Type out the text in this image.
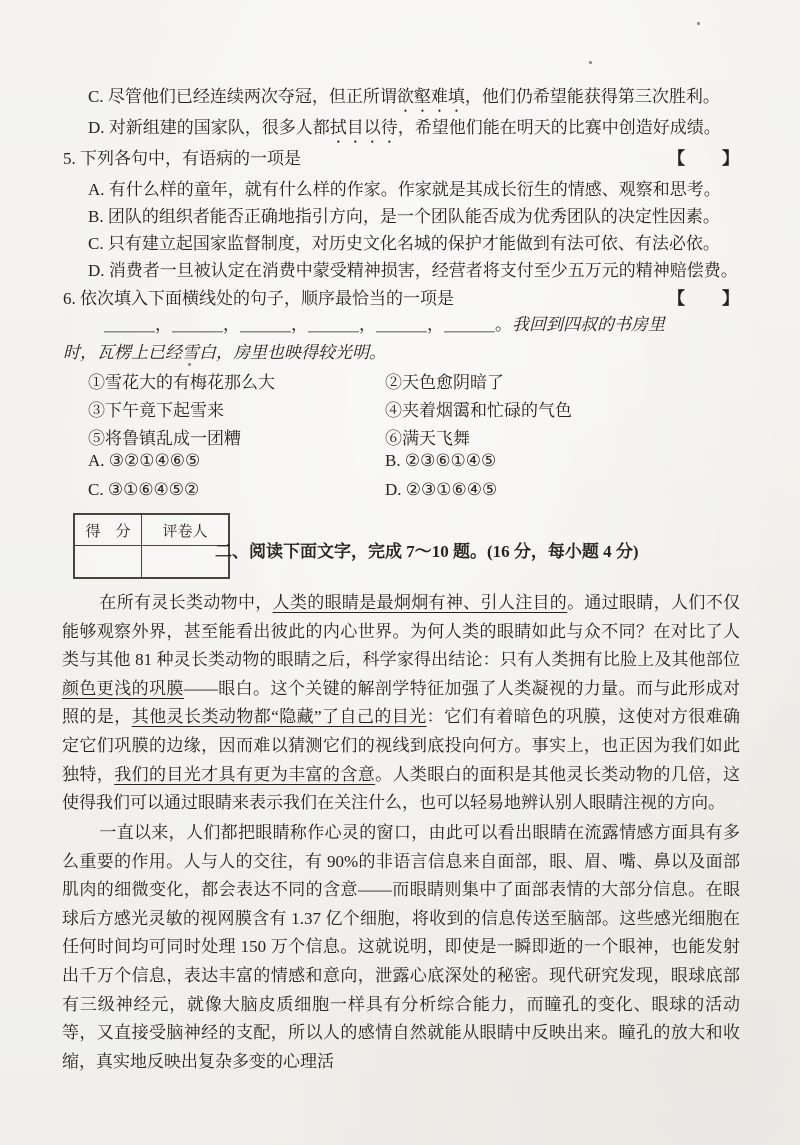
C. 尽管他们已经连续两次夺冠，但正所谓欲壑难填，他们仍希望能获得第三次胜利。
D. 对新组建的国家队，很多人都拭目以待，希望他们能在明天的比赛中创造好成绩。
5. 下列各句中，有语病的一项是	【　　】
A. 有什么样的童年，就有什么样的作家。作家就是其成长衍生的情感、观察和思考。
B. 团队的组织者能否正确地指引方向，是一个团队能否成为优秀团队的决定性因素。
C. 只有建立起国家监督制度，对历史文化名城的保护才能做到有法可依、有法必依。
D. 消费者一旦被认定在消费中蒙受精神损害，经营者将支付至少五万元的精神赔偿费。
6. 依次填入下面横线处的句子，顺序最恰当的一项是	【　　】
＿＿＿，＿＿＿，＿＿＿，＿＿＿，＿＿＿，＿＿＿。我回到四叔的书房里
时，瓦楞上已经雪白，房里也映得较光明。
①雪花大的有梅花那么大	②天色愈阴暗了
③下午竟下起雪来	④夹着烟霭和忙碌的气色
⑤将鲁镇乱成一团糟	⑥满天飞舞
A. ③②①④⑥⑤	B. ②③⑥①④⑤
C. ③①⑥④⑤②	D. ②③①⑥④⑤
得　分	评卷人
二、阅读下面文字，完成 7～10 题。(16 分，每小题 4 分)
在所有灵长类动物中，人类的眼睛是最炯炯有神、引人注目的。通过眼睛，人们不仅能够观察外界，甚至能看出彼此的内心世界。为何人类的眼睛如此与众不同？在对比了人类与其他 81 种灵长类动物的眼睛之后，科学家得出结论：只有人类拥有比脸上及其他部位颜色更浅的巩膜——眼白。这个关键的解剖学特征加强了人类凝视的力量。而与此形成对照的是，其他灵长类动物都“隐藏”了自己的目光：它们有着暗色的巩膜，这使对方很难确定它们巩膜的边缘，因而难以猜测它们的视线到底投向何方。事实上，也正因为我们如此独特，我们的目光才具有更为丰富的含意。人类眼白的面积是其他灵长类动物的几倍，这使得我们可以通过眼睛来表示我们在关注什么，也可以轻易地辨认别人眼睛注视的方向。
一直以来，人们都把眼睛称作心灵的窗口，由此可以看出眼睛在流露情感方面具有多么重要的作用。人与人的交往，有 90%的非语言信息来自面部，眼、眉、嘴、鼻以及面部肌肉的细微变化，都会表达不同的含意——而眼睛则集中了面部表情的大部分信息。在眼球后方感光灵敏的视网膜含有 1.37 亿个细胞，将收到的信息传送至脑部。这些感光细胞在任何时间均可同时处理 150 万个信息。这就说明，即使是一瞬即逝的一个眼神，也能发射出千万个信息，表达丰富的情感和意向，泄露心底深处的秘密。现代研究发现，眼球底部有三级神经元，就像大脑皮质细胞一样具有分析综合能力，而瞳孔的变化、眼球的活动等，又直接受脑神经的支配，所以人的感情自然就能从眼睛中反映出来。瞳孔的放大和收缩，真实地反映出复杂多变的心理活
